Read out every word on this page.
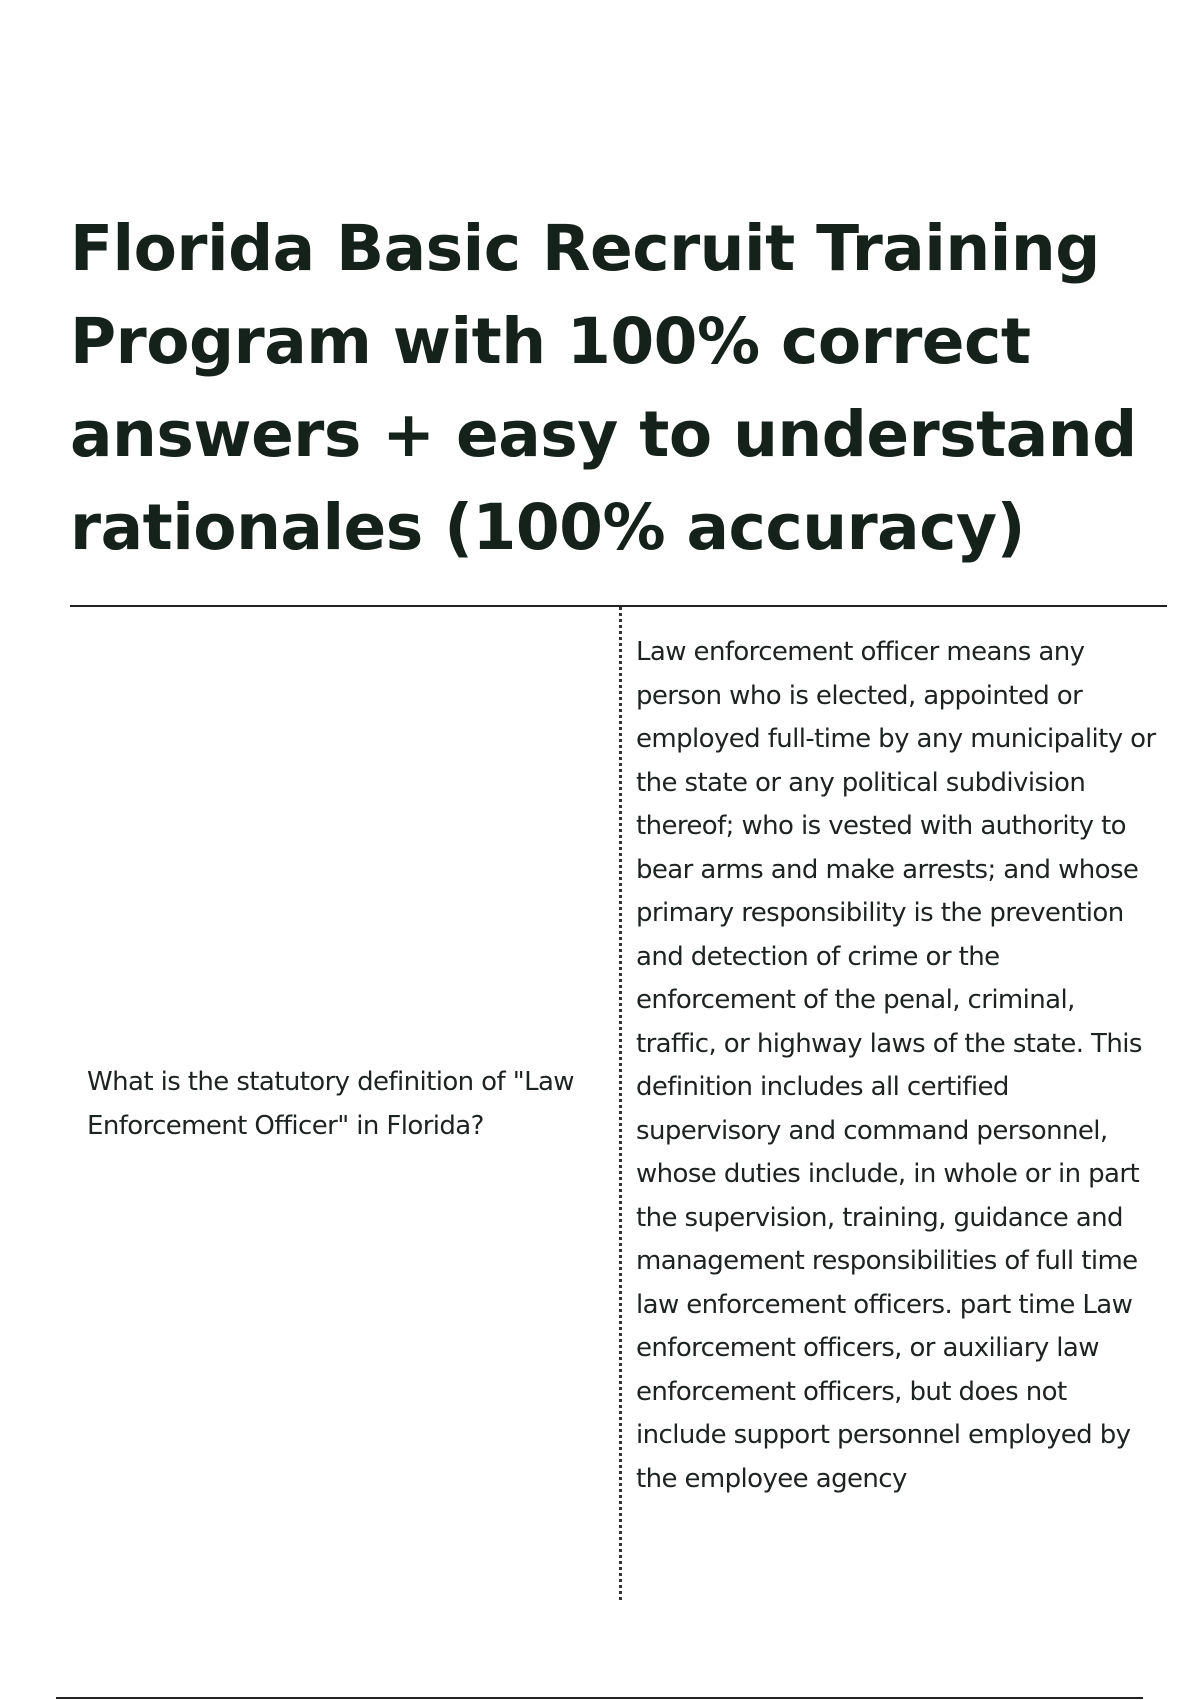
Florida Basic Recruit Training Program with 100% correct answers + easy to understand rationales (100% accuracy)
What is the statutory definition of "Law Enforcement Officer" in Florida?
Law enforcement officer means any person who is elected, appointed or employed full-time by any municipality or the state or any political subdivision thereof; who is vested with authority to bear arms and make arrests; and whose primary responsibility is the prevention and detection of crime or the enforcement of the penal, criminal, traffic, or highway laws of the state. This definition includes all certified supervisory and command personnel, whose duties include, in whole or in part the supervision, training, guidance and management responsibilities of full time law enforcement officers. part time Law enforcement officers, or auxiliary law enforcement officers, but does not include support personnel employed by the employee agency
